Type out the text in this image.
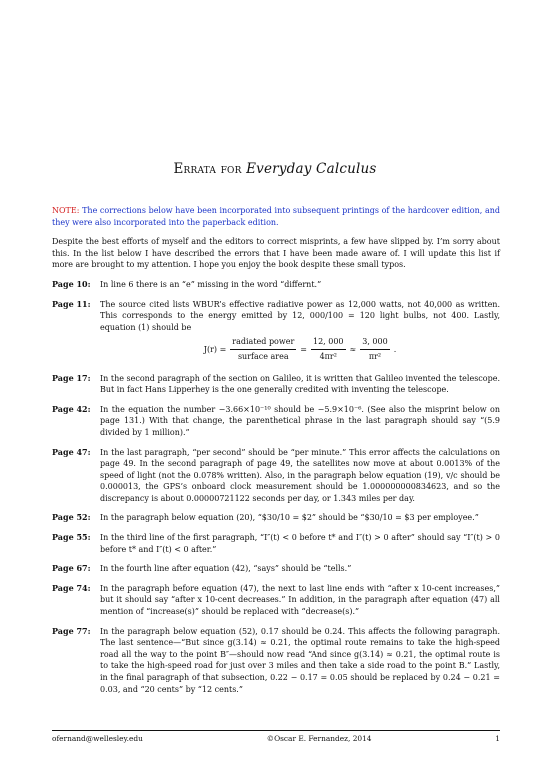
Errata for Everyday Calculus

NOTE: The corrections below have been incorporated into subsequent printings of the hardcover edition, and they were also incorporated into the paperback edition.

Despite the best efforts of myself and the editors to correct misprints, a few have slipped by. I’m sorry about this. In the list below I have described the errors that I have been made aware of. I will update this list if more are brought to my attention. I hope you enjoy the book despite these small typos.

Page 10:	In line 6 there is an “e” missing in the word “differnt.”
Page 11:	The source cited lists WBUR’s effective radiative power as 12,000 watts, not 40,000 as written. This corresponds to the energy emitted by 12, 000/100 = 120 light bulbs, not 400. Lastly, equation (1) should be
$J(r) = \frac{\text{radiated power}}{\text{surface area}} = \frac{12, 000}{\text{4πr²}} \approx \frac{3, 000}{\text{πr²}}$ .
Page 17:	In the second paragraph of the section on Galileo, it is written that Galileo invented the telescope. But in fact Hans Lipperhey is the one generally credited with inventing the telescope.
Page 42:	In the equation the number −3.66×10⁻¹⁰ should be −5.9×10⁻⁶. (See also the misprint below on page 131.) With that change, the parenthetical phrase in the last paragraph should say “(5.9 divided by 1 million).”
Page 47:	In the last paragraph, “per second” should be “per minute.” This error affects the calculations on page 49. In the second paragraph of page 49, the satellites now move at about 0.0013% of the speed of light (not the 0.078% written). Also, in the paragraph below equation (19), v/c should be 0.000013, the GPS’s onboard clock measurement should be 1.000000000834623, and so the discrepancy is about 0.00000721122 seconds per day, or 1.343 miles per day.
Page 52:	In the paragraph below equation (20), “$30/10 = $2” should be “$30/10 = $3 per employee.”
Page 55:	In the third line of the first paragraph, “I″(t) < 0 before t* and I″(t) > 0 after” should say “I″(t) > 0 before t* and I″(t) < 0 after.”
Page 67:	In the fourth line after equation (42), “says” should be “tells.”
Page 74:	In the paragraph before equation (47), the next to last line ends with “after x 10-cent increases,” but it should say “after x 10-cent decreases.” In addition, in the paragraph after equation (47) all mention of “increase(s)” should be replaced with “decrease(s).”
Page 77:	In the paragraph below equation (52), 0.17 should be 0.24. This affects the following paragraph. The last sentence—“But since g(3.14) ≈ 0.21, the optimal route remains to take the high-speed road all the way to the point B″—should now read “And since g(3.14) ≈ 0.21, the optimal route is to take the high-speed road for just over 3 miles and then take a side road to the point B.” Lastly, in the final paragraph of that subsection, 0.22 − 0.17 = 0.05 should be replaced by 0.24 − 0.21 = 0.03, and “20 cents” by “12 cents.”
ofernand@wellesley.edu	©Oscar E. Fernandez, 2014	1
